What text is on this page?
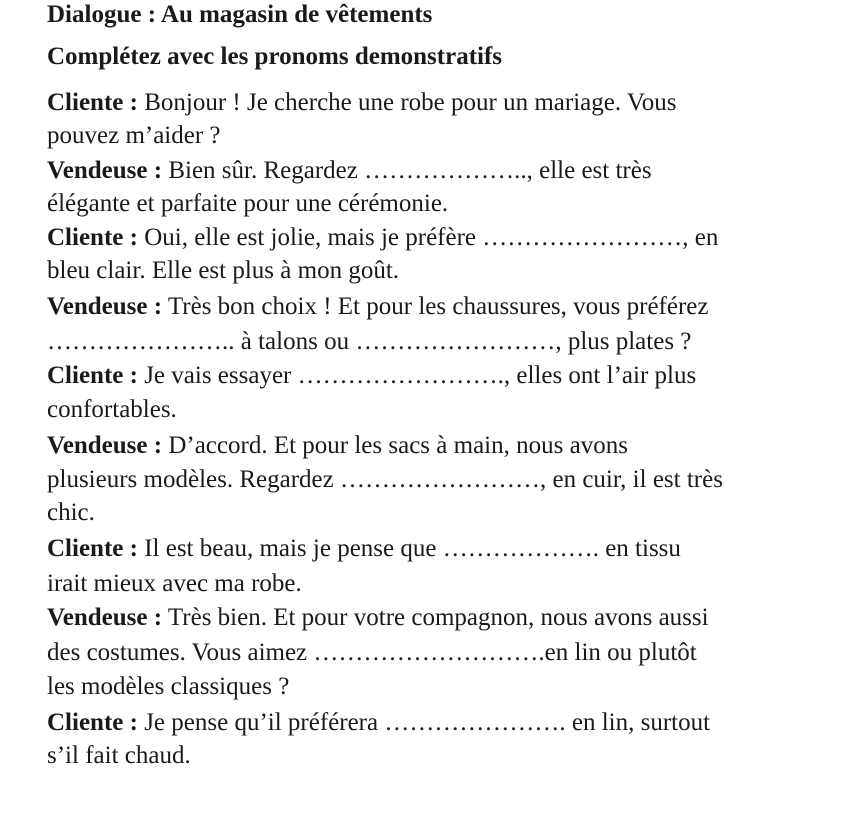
Dialogue : Au magasin de vêtements
Complétez avec les pronoms demonstratifs
Cliente : Bonjour ! Je cherche une robe pour un mariage. Vous
pouvez m’aider ?
Vendeuse : Bien sûr. Regardez ……………….., elle est très
élégante et parfaite pour une cérémonie.
Cliente : Oui, elle est jolie, mais je préfère ……………………, en
bleu clair. Elle est plus à mon goût.
Vendeuse : Très bon choix ! Et pour les chaussures, vous préférez
………………….. à talons ou ……………………, plus plates ?
Cliente : Je vais essayer ……………………., elles ont l’air plus
confortables.
Vendeuse : D’accord. Et pour les sacs à main, nous avons
plusieurs modèles. Regardez ……………………, en cuir, il est très
chic.
Cliente : Il est beau, mais je pense que ………………. en tissu
irait mieux avec ma robe.
Vendeuse : Très bien. Et pour votre compagnon, nous avons aussi
des costumes. Vous aimez ……………………….en lin ou plutôt
les modèles classiques ?
Cliente : Je pense qu’il préférera …………………. en lin, surtout
s’il fait chaud.
